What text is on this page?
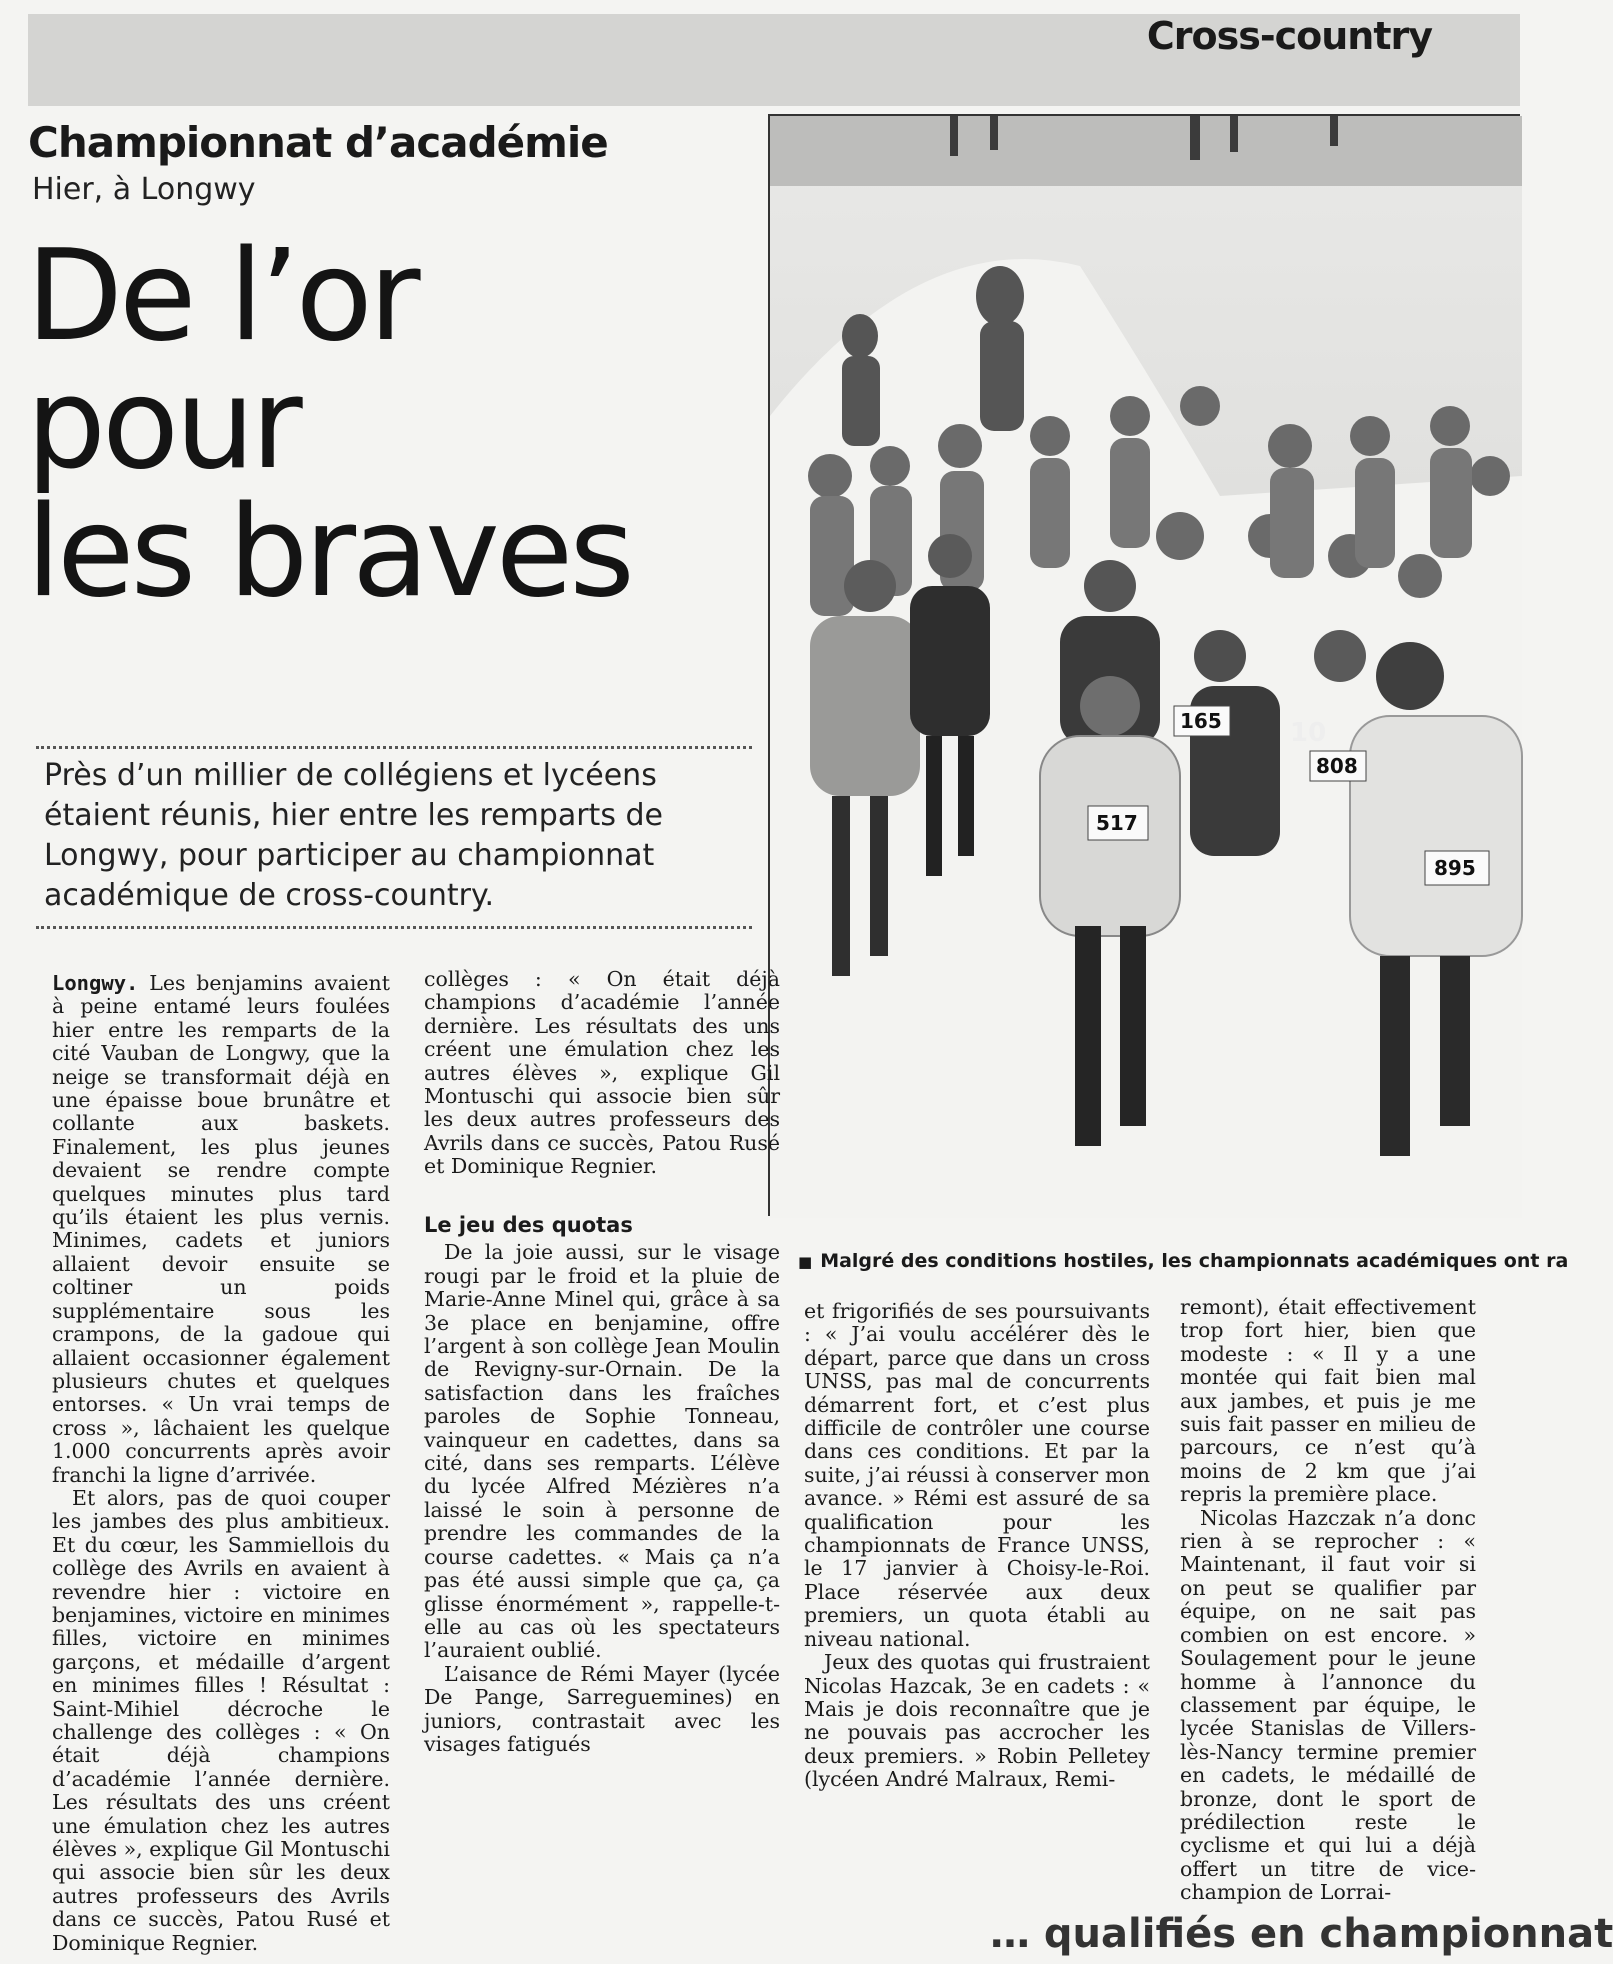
Cross-country
Championnat d’académie
Hier, à Longwy
De l’or
pour
les braves
Près d’un millier de collégiens et lycéens étaient réunis, hier entre les remparts de Longwy, pour participer au championnat académique de cross-country.
517
895
165
808
10
■ Malgré des conditions hostiles, les championnats académiques ont ra

Longwy. Les benjamins avaient à peine entamé leurs foulées hier entre les remparts de la cité Vauban de Longwy, que la neige se transformait déjà en une épaisse boue brunâtre et collante aux baskets. Finalement, les plus jeunes devaient se rendre compte quelques minutes plus tard qu’ils étaient les plus vernis. Minimes, cadets et juniors allaient devoir ensuite se coltiner un poids supplémentaire sous les crampons, de la gadoue qui allaient occasionner également plusieurs chutes et quelques entorses. « Un vrai temps de cross », lâchaient les quelque 1.000 concurrents après avoir franchi la ligne d’arrivée.

Et alors, pas de quoi couper les jambes des plus ambitieux. Et du cœur, les Sammiellois du collège des Avrils en avaient à revendre hier : victoire en benjamines, victoire en minimes filles, victoire en minimes garçons, et médaille d’argent en minimes filles ! Résultat : Saint-Mihiel décroche le challenge des collèges : « On était déjà champions d’académie l’année dernière. Les résultats des uns créent une émulation chez les autres élèves », explique Gil Montuschi qui associe bien sûr les deux autres professeurs des Avrils dans ce succès, Patou Rusé et Dominique Regnier.

collèges : « On était déjà champions d’académie l’année dernière. Les résultats des uns créent une émulation chez les autres élèves », explique Gil Montuschi qui associe bien sûr les deux autres professeurs des Avrils dans ce succès, Patou Rusé et Dominique Regnier.

Le jeu des quotas

De la joie aussi, sur le visage rougi par le froid et la pluie de Marie-Anne Minel qui, grâce à sa 3e place en benjamine, offre l’argent à son collège Jean Moulin de Revigny-sur-Ornain. De la satisfaction dans les fraîches paroles de Sophie Tonneau, vainqueur en cadettes, dans sa cité, dans ses remparts. L’élève du lycée Alfred Mézières n’a laissé le soin à personne de prendre les commandes de la course cadettes. « Mais ça n’a pas été aussi simple que ça, ça glisse énormément », rappelle-t-elle au cas où les spectateurs l’auraient oublié.

L’aisance de Rémi Mayer (lycée De Pange, Sarreguemines) en juniors, contrastait avec les visages fatigués

et frigorifiés de ses poursuivants : « J’ai voulu accélérer dès le départ, parce que dans un cross UNSS, pas mal de concurrents démarrent fort, et c’est plus difficile de contrôler une course dans ces conditions. Et par la suite, j’ai réussi à conserver mon avance. » Rémi est assuré de sa qualification pour les championnats de France UNSS, le 17 janvier à Choisy-le-Roi. Place réservée aux deux premiers, un quota établi au niveau national.

Jeux des quotas qui frustraient Nicolas Hazcak, 3e en cadets : « Mais je dois reconnaître que je ne pouvais pas accrocher les deux premiers. » Robin Pelletey (lycéen André Malraux, Remi-

remont), était effectivement trop fort hier, bien que modeste : « Il y a une montée qui fait bien mal aux jambes, et puis je me suis fait passer en milieu de parcours, ce n’est qu’à moins de 2 km que j’ai repris la première place.

Nicolas Hazczak n’a donc rien à se reprocher : « Maintenant, il faut voir si on peut se qualifier par équipe, on ne sait pas combien on est encore. » Soulagement pour le jeune homme à l’annonce du classement par équipe, le lycée Stanislas de Villers-lès-Nancy termine premier en cadets, le médaillé de bronze, dont le sport de prédilection reste le cyclisme et qui lui a déjà offert un titre de vice-champion de Lorrai-

… qualifiés en championnat
